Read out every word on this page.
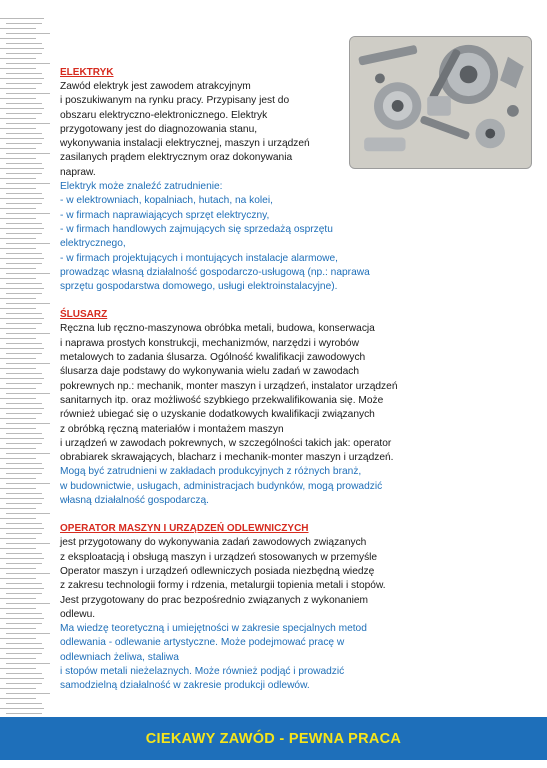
ELEKTRYK
Zawód elektryk jest zawodem atrakcyjnym
i poszukiwanym na rynku pracy. Przypisany jest do
obszaru elektryczno-elektronicznego. Elektryk
przygotowany jest do diagnozowania stanu,
wykonywania instalacji elektrycznej, maszyn i urządzeń
zasilanych prądem elektrycznym oraz dokonywania
napraw.
Elektryk może znaleźć zatrudnienie:
- w elektrowniach, kopalniach, hutach, na kolei,
- w firmach naprawiających sprzęt elektryczny,
- w firmach handlowych zajmujących się sprzedażą osprzętu
elektrycznego,
- w firmach projektujących i montujących instalacje alarmowe,
prowadząc własną działalność gospodarczo-usługową (np.: naprawa
sprzętu gospodarstwa domowego, usługi elektroinstalacyjne).
ŚLUSARZ
Ręczna lub ręczno-maszynowa obróbka metali, budowa, konserwacja
i naprawa prostych konstrukcji, mechanizmów, narzędzi i wyrobów
metalowych to zadania ślusarza. Ogólność kwalifikacji zawodowych
ślusarza daje podstawy do wykonywania wielu zadań w zawodach
pokrewnych np.: mechanik, monter maszyn i urządzeń, instalator urządzeń
sanitarnych itp. oraz możliwość szybkiego przekwalifikowania się. Może
również ubiegać się o uzyskanie dodatkowych kwalifikacji związanych
z obróbką ręczną materiałów i montażem maszyn
i urządzeń w zawodach pokrewnych, w szczególności takich jak: operator
obrabiarek skrawających, blacharz i mechanik-monter maszyn i urządzeń.
Mogą być zatrudnieni w zakładach produkcyjnych z różnych branż,
w budownictwie, usługach, administracjach budynków, mogą prowadzić
własną działalność gospodarczą.
OPERATOR MASZYN I URZĄDZEŃ ODLEWNICZYCH
jest przygotowany do wykonywania zadań zawodowych związanych
z eksploatacją i obsługą maszyn i urządzeń stosowanych w przemyśle
Operator maszyn i urządzeń odlewniczych posiada niezbędną wiedzę
z zakresu technologii formy i rdzenia, metalurgii topienia metali i stopów.
Jest przygotowany do prac bezpośrednio związanych z wykonaniem
odlewu.
Ma wiedzę teoretyczną i umiejętności w zakresie specjalnych metod
odlewania - odlewanie artystyczne. Może podejmować pracę w
odlewniach żeliwa, staliwa
i stopów metali nieżelaznych. Może również podjąć i prowadzić
samodzielną działalność w zakresie produkcji odlewów.
CIEKAWY ZAWÓD - PEWNA PRACA
